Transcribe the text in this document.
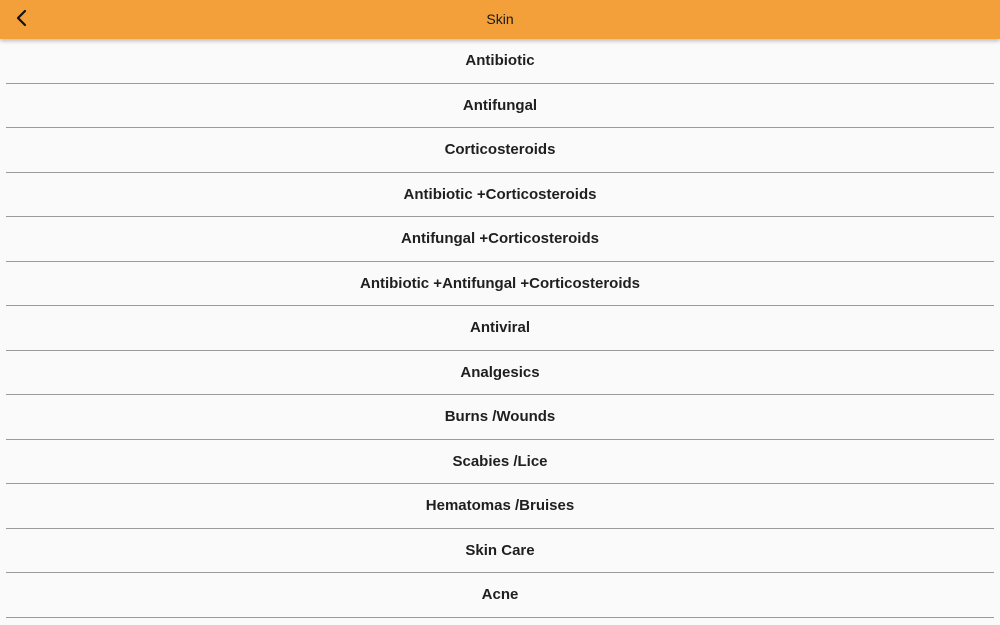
Skin
Antibiotic
Antifungal
Corticosteroids
Antibiotic +Corticosteroids
Antifungal +Corticosteroids
Antibiotic +Antifungal +Corticosteroids
Antiviral
Analgesics
Burns /Wounds
Scabies /Lice
Hematomas /Bruises
Skin Care
Acne
